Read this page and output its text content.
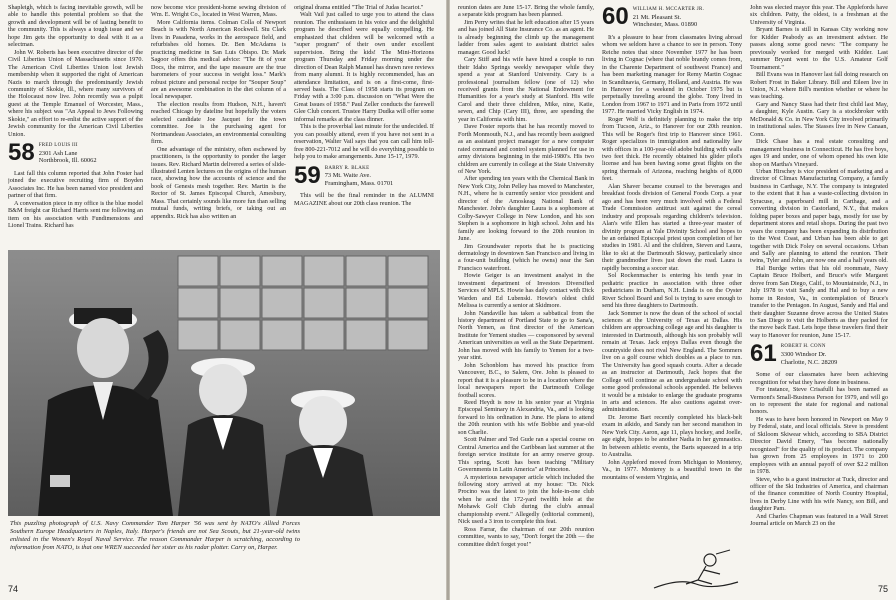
Shapleigh, which is facing inevitable growth, will be able to handle this potential problem so that the growth and development will be of lasting benefit to the community. This is always a tough issue and we hope Jim gets the opportunity to deal with it as a selectman.

John W. Roberts has been executive director of the Civil Liberties Union of Massachusetts since 1970. The American Civil Liberties Union lost Jewish membership when it supported the right of American Nazis to march through the predominantly Jewish community of Skokie, Ill., where many survivors of the Holocaust now live. John recently was a pulpit guest at the Temple Emanuel of Worcester, Mass., where his subject was "An Appeal to Jews Following Skokie," an effort to re-enlist the active support of the Jewish community for the American Civil Liberties Union.

58 FRED LOUIS III
2301 Ash Lane
Northbrook, Ill. 60062

Last fall this column reported that John Foster had joined the executive recruiting firm of Boyden Associates Inc. He has been named vice president and partner of that firm.

A conversation piece in my office is the blue model B&M freight car Richard Harris sent me following an item on his association with Fundimensions and Lionel Trains. Richard has

now become vice president-home sewing division of Wm. E. Wright Co., located in West Warren, Mass.

More California items. Colman Colla of Newport Beach is with North American Rockwell. Stu Clark lives in Pasadena, works in the aerospace field, and refurbishes old homes. Dr. Ben McAdams is practicing medicine in San Luis Obispo. Dr. Mark Sagoor offers this medical advice: "The fit of your Docs, the mirror, and the tape measure are the true barometers of your success in weight loss." Mark's robust picture and personal recipe for "Souper Soup" are an awesome combination in the diet column of a local newspaper.

The election results from Hudson, N.H., haven't reached Chicago by dateline but hopefully the voters selected candidate Joe Jacquet for the town committee. Joe is the purchasing agent for Nortmandeau Associates, an environmental consulting firm.

One advantage of the ministry, often eschewed by practitioners, is the opportunity to ponder the larger issues. Rev. Richard Martin delivered a series of slide-illustrated Lenten lectures on the origins of the human race, showing how the accounts of science and the book of Genesis mesh together. Rev. Martin is the Rector of St. James Episcopal Church, Amesbury, Mass. That certainly sounds like more fun than selling mutual funds, writing briefs, or taking out an appendix. Rick has also written an

original drama entitled "The Trial of Judas Iscariot."

Walt Vail just called to urge you to attend the class reunion. The enthusiasm in his voice and the delightful program he described were equally compelling. He emphasized that children will be welcomed with a "super program" of their own under excellent supervision. Bring the kids! The Mini-Horizons program Thursday and Friday morning under the direction of Dean Ralph Manuel has drawn rave reviews from many alumni. It is highly recommended, has an attendance limitation, and is on a first-come, first-served basis. The Class of 1958 starts its program on Friday with a 3:00 p.m. discussion on "What Were the Great Issues of 1958." Paul Zeller conducts the farewell Glee Club concert. Trustee Harry Dudka will offer some informal remarks at the class dinner.

This is the proverbial last minute for the undecided. If you can possibly attend, even if you have not sent in a reservation, Walter Vail says that you can call him toll-free 800-221-7012 and he will do everything possible to help you to make arrangements. June 15-17, 1979.

59 BARRY R. BLAKE
73 Mt. Waite Ave.
Framingham, Mass. 01701

This will be the final reminder in the ALUMNI MAGAZINE about our 20th class reunion. The

This puzzling photograph of U.S. Navy Commander Tom Harper '56 was sent by NATO's Allied Forces Southern Europe Headquarters in Naples, Italy. Harper's friends are not Sea Scouts, but 21-year-old twins enlisted in the Women's Royal Naval Service. The reason Commander Harper is scratching, according to information from NATO, is that one WREN succeeded her sister as his radar plotter. Carry on, Harper.
74

reunion dates are June 15-17. Bring the whole family, a separate kids program has been planned.

Jim Perry writes that he left education after 15 years and has joined All State Insurance Co. as an agent. He is already beginning the climb up the management ladder from sales agent to assistant district sales manager. Good luck!

Cary Stiff and his wife have hired a couple to run their Idaho Springs weekly newspaper while they spend a year at Stanford University. Cary is a professional journalism fellow (one of 12) who received grants from the National Endowment for Humanities for a year's study at Stanford. His wife Carol and their three children, Mike, nine, Katie, seven, and Chip (Cary III), three, are spending the year in California with him.

Dave Foster reports that he has recently moved to Forth Monmouth, N.J., and has recently been assigned as an assistant project manager for a new computer rated command and control system planned for use in army divisions beginning in the mid-1980's. His two children are currently in college at the State University of New York.

After spending ten years with the Chemical Bank in New York City, John Pelley has moved to Manchester, N.H., where he is currently senior vice president and director of the Amoskeag National Bank of Manchester. John's daughter Laura is a sophomore at Colby-Sawyer College in New London, and his son Stephen is a sophomore in high school. John and his family are looking forward to the 20th reunion in June.

Jim Groundwater reports that he is practicing dermatology in downtown San Francisco and living in a four-unit building (which he owns) near the San Francisco waterfront.

Howie Geiger is an investment analyst in the investment department of Investors Diversified Services of MPLS. Howie has daily contact with Dick Warden and Ed Lubenski. Howie's oldest child Melissa is currently a senior at Skidmore.

John Nandaville has taken a sabbatical from the history department of Portland State to go to Sana'a, North Yemen, as first director of the American Institute for Yemeni studies — cosponsored by several American universities as well as the State Department. John has moved with his family to Yemen for a two-year stint.

John Schonblom has moved his practice from Vancouver, B.C., to Salem, Ore. John is pleased to report that it is a pleasure to be in a location where the local newspapers report the Dartmouth College football scores.

Reed Heydt is now in his senior year at Virginia Episcopal Seminary in Alexandria, Va., and is looking forward to his ordination in June. He plans to attend the 20th reunion with his wife Bobbie and year-old son Charlie.

Scott Palmer and Ted Gude ran a special course on Central America and the Caribbean last summer at the foreign service institute for an army reserve group. This spring, Scott has been teaching "Military Governments in Latin America" at Princeton.

A mysterious newspaper article which included the following story arrived at my house: "Dr. Nick Procino was the latest to join the hole-in-one club when he aced the 172-yard twelfth hole at the Mohawk Golf Club during the club's annual championship event." Allegedly (editorial comment), Nick used a 3 iron to complete this feat.

Ross Farrar, the chairman of our 20th reunion committee, wants to say, "Don't forget the 20th — the committee didn't forget you!"

60 WILLIAM H. MCCARTER JR.
21 Mt. Pleasant St.
Winchester, Mass. 01890

It's a pleasure to hear from classmates living abroad whom we seldom have a chance to see in person. Tony Reiche notes that since November 1977 he has been living in Cognac (where that noble brandy comes from, in the Charente Department of southwest France) and has been marketing manager for Remy Martin Cognac in Scandinavia, Germany, Holland, and Austria. He was in Hanover for a weekend in October 1975 but is perpetually traveling around the globe. Tony lived in London from 1967 to 1971 and in Paris from 1972 until 1977. He married Vicky English in 1974.

Roger Wolf is definitely planning to make the trip from Tucson, Ariz., to Hanover for our 20th reunion. This will be Roger's first trip to Hanover since 1961. Roger specializes in immigration and nationality law with offices in a 100-year-old adobe building with walls two feet thick. He recently obtained his glider pilot's license and has been having some great flights on the spring thermals of Arizona, reaching heights of 8,000 feet.

Alan Shaver became counsel to the beverages and breakfast foods division of General Foods Corp. a year ago and has been very much involved with a Federal Trade Commission antitrust suit against the cereal industry and proposals regarding children's television. Alan's wife Ellen has started a three-year master of divinity program at Yale Divinity School and hopes to be an ordained Episcopal priest upon completion of her studies in 1981. Al and the children, Steven and Laura, like to ski at the Dartmouth Skiway, particularly since their grandmother lives just down the road. Laura is rapidly becoming a soccer star.

Sol Rockenmacher is entering his tenth year in pediatric practice in association with three other pediatricians in Durham, N.H. Linda is on the Oyster River School Board and Sol is trying to save enough to send his three daughters to Dartmouth.

Jack Sommer is now the dean of the school of social sciences at the University of Texas at Dallas. His children are approaching college age and his daughter is interested in Dartmouth, although his son probably will remain at Texas. Jack enjoys Dallas even though the countryside does not rival New England. The Sommers live on a golf course which doubles as a place to run. The University has good squash courts. After a decade as an instructor at Dartmouth, Jack hopes that the College will continue as an undergraduate school with some good professional schools appended. He believes it would be a mistake to enlarge the graduate programs in arts and sciences. He also cautions against over-administration.

Dr. Jerome Bart recently completed his black-belt exam in aikido, and Sandy ran her second marathon in New York City. Aaron, age 11, plays hockey, and Joelle, age eight, hopes to be another Nadia in her gymnastics. In between athletic events, the Barts squeezed in a trip to Australia.

John Appleford moved from Michigan to Monterey, Va., in 1977. Monterey is a beautiful town in the mountains of western Virginia, and

John was elected mayor this year. The Applefords have six children. Patty, the oldest, is a freshman at the University of Virginia.

Bryant Barnes is still in Kansas City working now for Kidder Peabody as an investment adviser. He passes along some good news: "The company he previously worked for merged with Kidder. Last summer Bryant went to the U.S. Amateur Golf Tournament."

Bill Evans was in Hanover last fall doing research on Robert Frost in Baker Library. Bill and Eileen live in Union, N.J. where Bill's mention whether or where he was teaching.

Gary and Nancy Stass had their first child last May, a daughter, Kyle Austin. Gary is a stockbroker with McDonald & Co. in New York City involved primarily in institutional sales. The Stasses live in New Canaan, Conn.

Dick Chase has a real estate consulting and management business in Connecticut. He has five boys, ages 19 and under, one of whom opened his own kite shop on Martha's Vineyard.

Urban Hirschey is vice president of marketing and a director of Climax Manufacturing Company, a family business in Carthage, N.Y. The company is integrated to the extent that it has a waste-collecting division in Syracuse, a paperboard mill in Carthage, and a converting division in Castorland, N.Y., that makes folding paper boxes and paper bags, mostly for use by department stores and retail shops. During the past two years the company has been expanding its distribution to the West Coast, and Urban has been able to get together with Dick Foley on several occasions. Urban and Sally are planning to attend the reunion. Their twins, Tyler and John, are now one and a half years old.

Hal Burdge writes that his old roommate, Navy Captain Bruce Holbert, and Bruce's wife Margaret drove from San Diego, Calif., to Mountainside, N.J., in July 1978 to visit Sandy and Hal and to buy a new home in Reston, Va., in contemplation of Bruce's transfer to the Pentagon. In August, Sandy and Hal and their daughter Suzanne drove across the United States to San Diego to visit the Holberts as they packed for the move back East. Lets hope these travelers find their way to Hanover for reunion, June 15-17.

61 ROBERT H. CONN
3300 Windsor Dr.
Charlotte, N.C. 28209

Some of our classmates have been achieving recognition for what they have done in business.

For instance, Steve Crisafulli has been named as Vermont's Small-Business Person for 1979, and will go on to represent the state for regional and national honors.

He was to have been honored in Newport on May 9 by Federal, state, and local officials. Steve is president of Skiloom Skiwear which, according to SBA District Director David Emery, "has become nationally recognized" for the quality of its product. The company has grown from 25 employees in 1971 to 200 employees with an annual payoff of over $2.2 million in 1978.

Steve, who is a guest instructor at Tuck, director and officer of the Ski Industries of America, and chairman of the finance committee of North Country Hospital, lives in Derby Line with his wife Nancy, son Bill, and daughter Pam.

And Charles Chapman was featured in a Wall Street Journal article on March 23 on the

75
